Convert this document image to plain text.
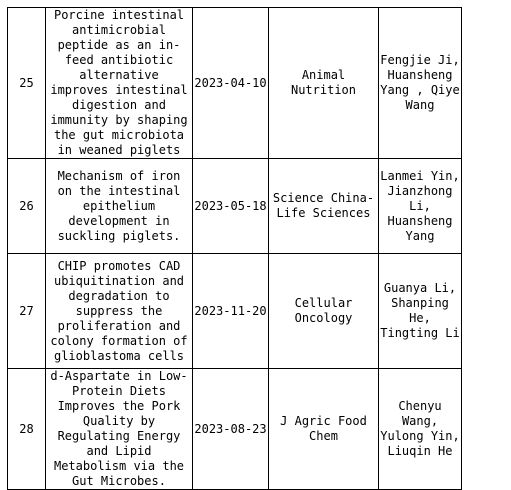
25	Porcine intestinal antimicrobial peptide as an in-feed antibiotic alternative improves intestinal digestion and immunity by shaping the gut microbiota in weaned piglets	2023-04-10	Animal Nutrition	Fengjie Ji, Huansheng Yang , Qiye Wang
26	Mechanism of iron on the intestinal epithelium development in suckling piglets.	2023-05-18	Science China-Life Sciences	Lanmei Yin, Jianzhong Li, Huansheng Yang
27	CHIP promotes CAD ubiquitination and degradation to suppress the proliferation and colony formation of glioblastoma cells	2023-11-20	Cellular Oncology	Guanya Li, Shanping He, Tingting Li
28	d-Aspartate in Low-Protein Diets Improves the Pork Quality by Regulating Energy and Lipid Metabolism via the Gut Microbes.	2023-08-23	J Agric Food Chem	Chenyu Wang, Yulong Yin, Liuqin He
